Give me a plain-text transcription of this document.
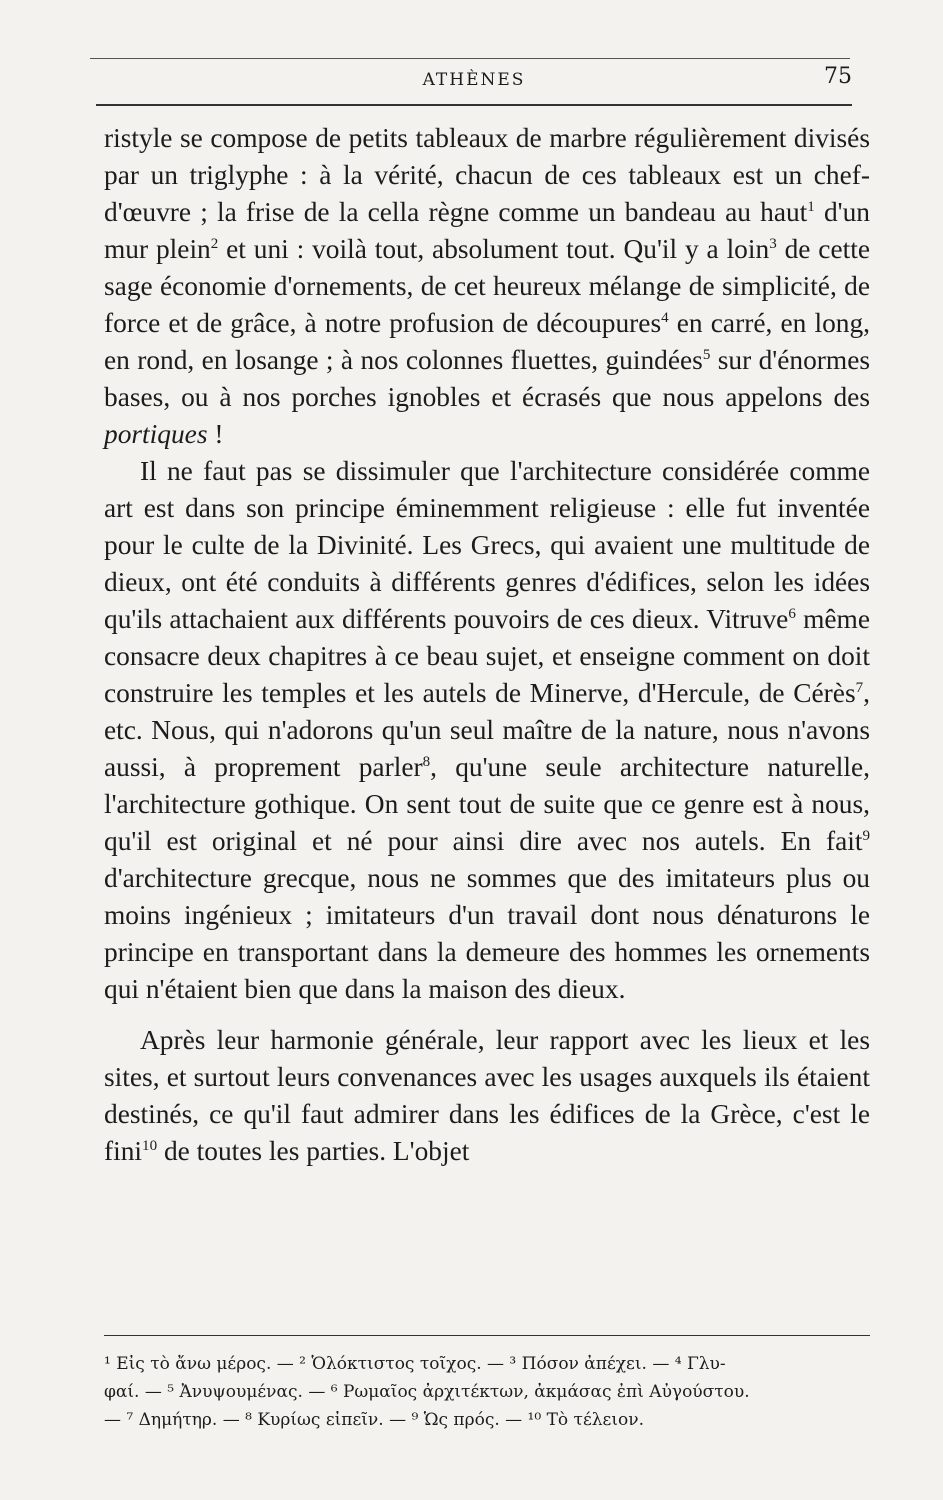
ATHÈNES	75

ristyle se compose de petits tableaux de marbre régulièrement divisés par un triglyphe : à la vérité, chacun de ces tableaux est un chef-d'œuvre ; la frise de la cella règne comme un bandeau au haut$^1$ d'un mur plein$^2$ et uni : voilà tout, absolument tout. Qu'il y a loin$^3$ de cette sage économie d'ornements, de cet heureux mélange de simplicité, de force et de grâce, à notre profusion de découpures$^4$ en carré, en long, en rond, en losange ; à nos colonnes fluettes, guindées$^5$ sur d'énormes bases, ou à nos porches ignobles et écrasés que nous appelons des portiques !

Il ne faut pas se dissimuler que l'architecture considérée comme art est dans son principe éminemment religieuse : elle fut inventée pour le culte de la Divinité. Les Grecs, qui avaient une multitude de dieux, ont été conduits à différents genres d'édifices, selon les idées qu'ils attachaient aux différents pouvoirs de ces dieux. Vitruve$^6$ même consacre deux chapitres à ce beau sujet, et enseigne comment on doit construire les temples et les autels de Minerve, d'Hercule, de Cérès$^7$, etc. Nous, qui n'adorons qu'un seul maître de la nature, nous n'avons aussi, à proprement parler$^8$, qu'une seule architecture naturelle, l'architecture gothique. On sent tout de suite que ce genre est à nous, qu'il est original et né pour ainsi dire avec nos autels. En fait$^9$ d'architecture grecque, nous ne sommes que des imitateurs plus ou moins ingénieux ; imitateurs d'un travail dont nous dénaturons le principe en transportant dans la demeure des hommes les ornements qui n'étaient bien que dans la maison des dieux.

Après leur harmonie générale, leur rapport avec les lieux et les sites, et surtout leurs convenances avec les usages auxquels ils étaient destinés, ce qu'il faut admirer dans les édifices de la Grèce, c'est le fini$^{10}$ de toutes les parties. L'objet

¹ Εἰς τὸ ἄνω μέρος. — ² Ὁλόκτιστος τοῖχος. — ³ Πόσον ἀπέχει. — ⁴ Γλυ-
φαί. — ⁵ Ἀνυψουμένας. — ⁶ Ρωμαῖος ἀρχιτέκτων, ἀκμάσας ἐπὶ Αὐγούστου.
— ⁷ Δημήτηρ. — ⁸ Κυρίως εἰπεῖν. — ⁹ Ὡς πρός. — ¹⁰ Τὸ τέλειον.
